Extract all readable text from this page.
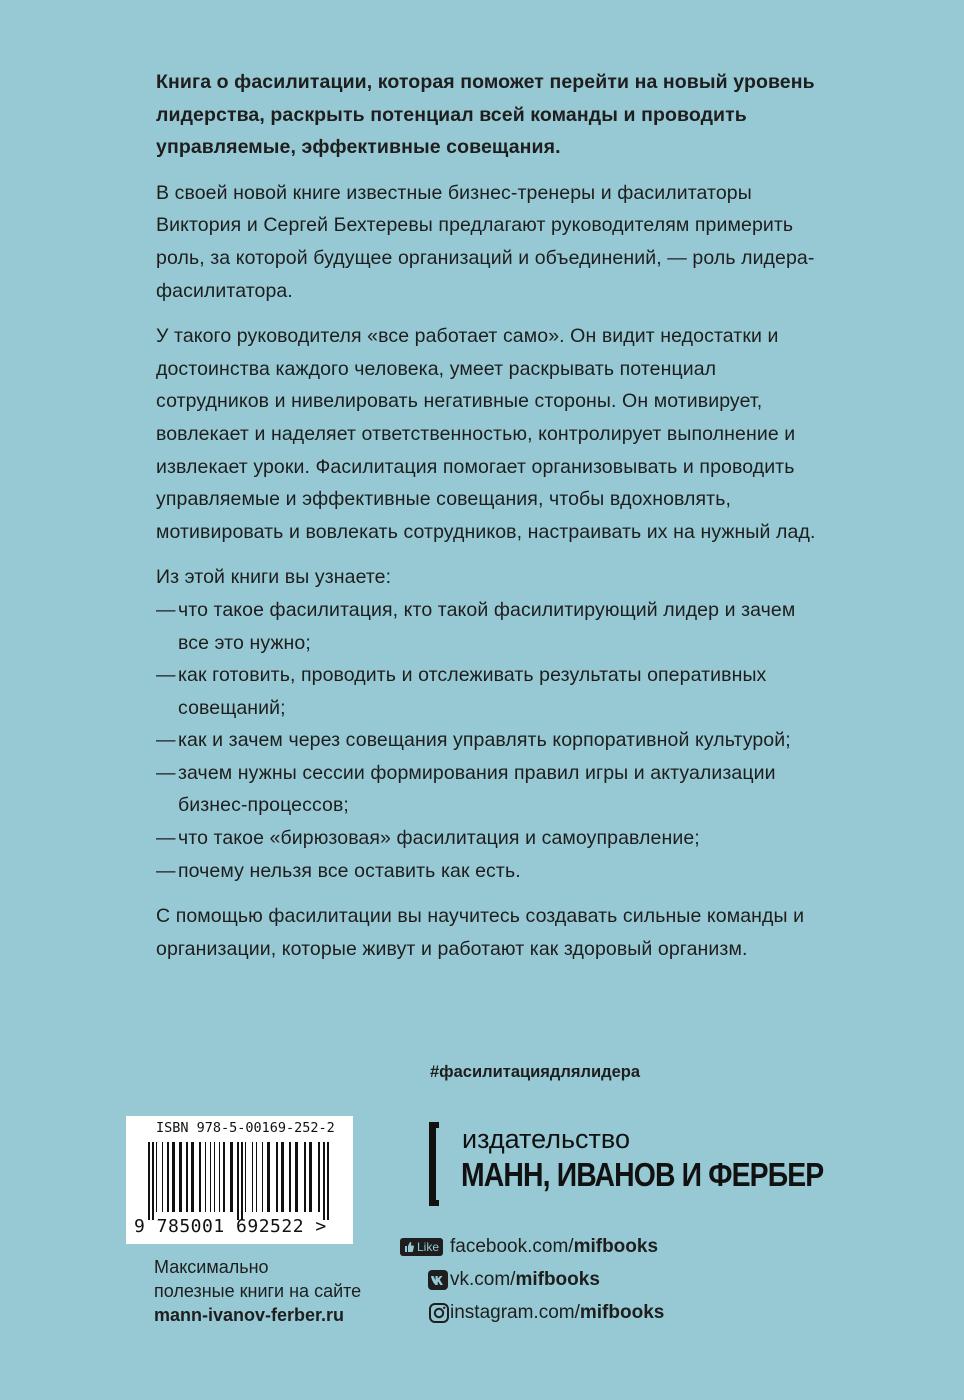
Книга о фасилитации, которая поможет перейти на новый уровень лидерства, раскрыть потенциал всей команды и проводить управляемые, эффективные совещания.

В своей новой книге известные бизнес-тренеры и фасилитаторы Виктория и Сергей Бехтеревы предлагают руководителям примерить роль, за которой будущее организаций и объединений, — роль лидера-фасилитатора.

У такого руководителя «все работает само». Он видит недостатки и достоинства каждого человека, умеет раскрывать потенциал сотрудников и нивелировать негативные стороны. Он мотивирует, вовлекает и наделяет ответственностью, контролирует выполнение и извлекает уроки. Фасилитация помогает организовывать и проводить управляемые и эффективные совещания, чтобы вдохновлять, мотивировать и вовлекать сотрудников, настраивать их на нужный лад.

Из этой книги вы узнаете:

— что такое фасилитация, кто такой фасилитирующий лидер и зачем все это нужно;
— как готовить, проводить и отслеживать результаты оперативных совещаний;
— как и зачем через совещания управлять корпоративной культурой;
— зачем нужны сессии формирования правил игры и актуализации бизнес-процессов;
— что такое «бирюзовая» фасилитация и самоуправление;
— почему нельзя все оставить как есть.

С помощью фасилитации вы научитесь создавать сильные команды и организации, которые живут и работают как здоровый организм.

#фасилитациядлялидера
ISBN 978-5-00169-252-2
9 785001 692522 >
Максимально
полезные книги на сайте
mann-ivanov-ferber.ru
издательство
МАНН, ИВАНОВ И ФЕРБЕР
Like facebook.com/ mifbooks
vk.com/ mifbooks
instagram.com/ mifbooks
